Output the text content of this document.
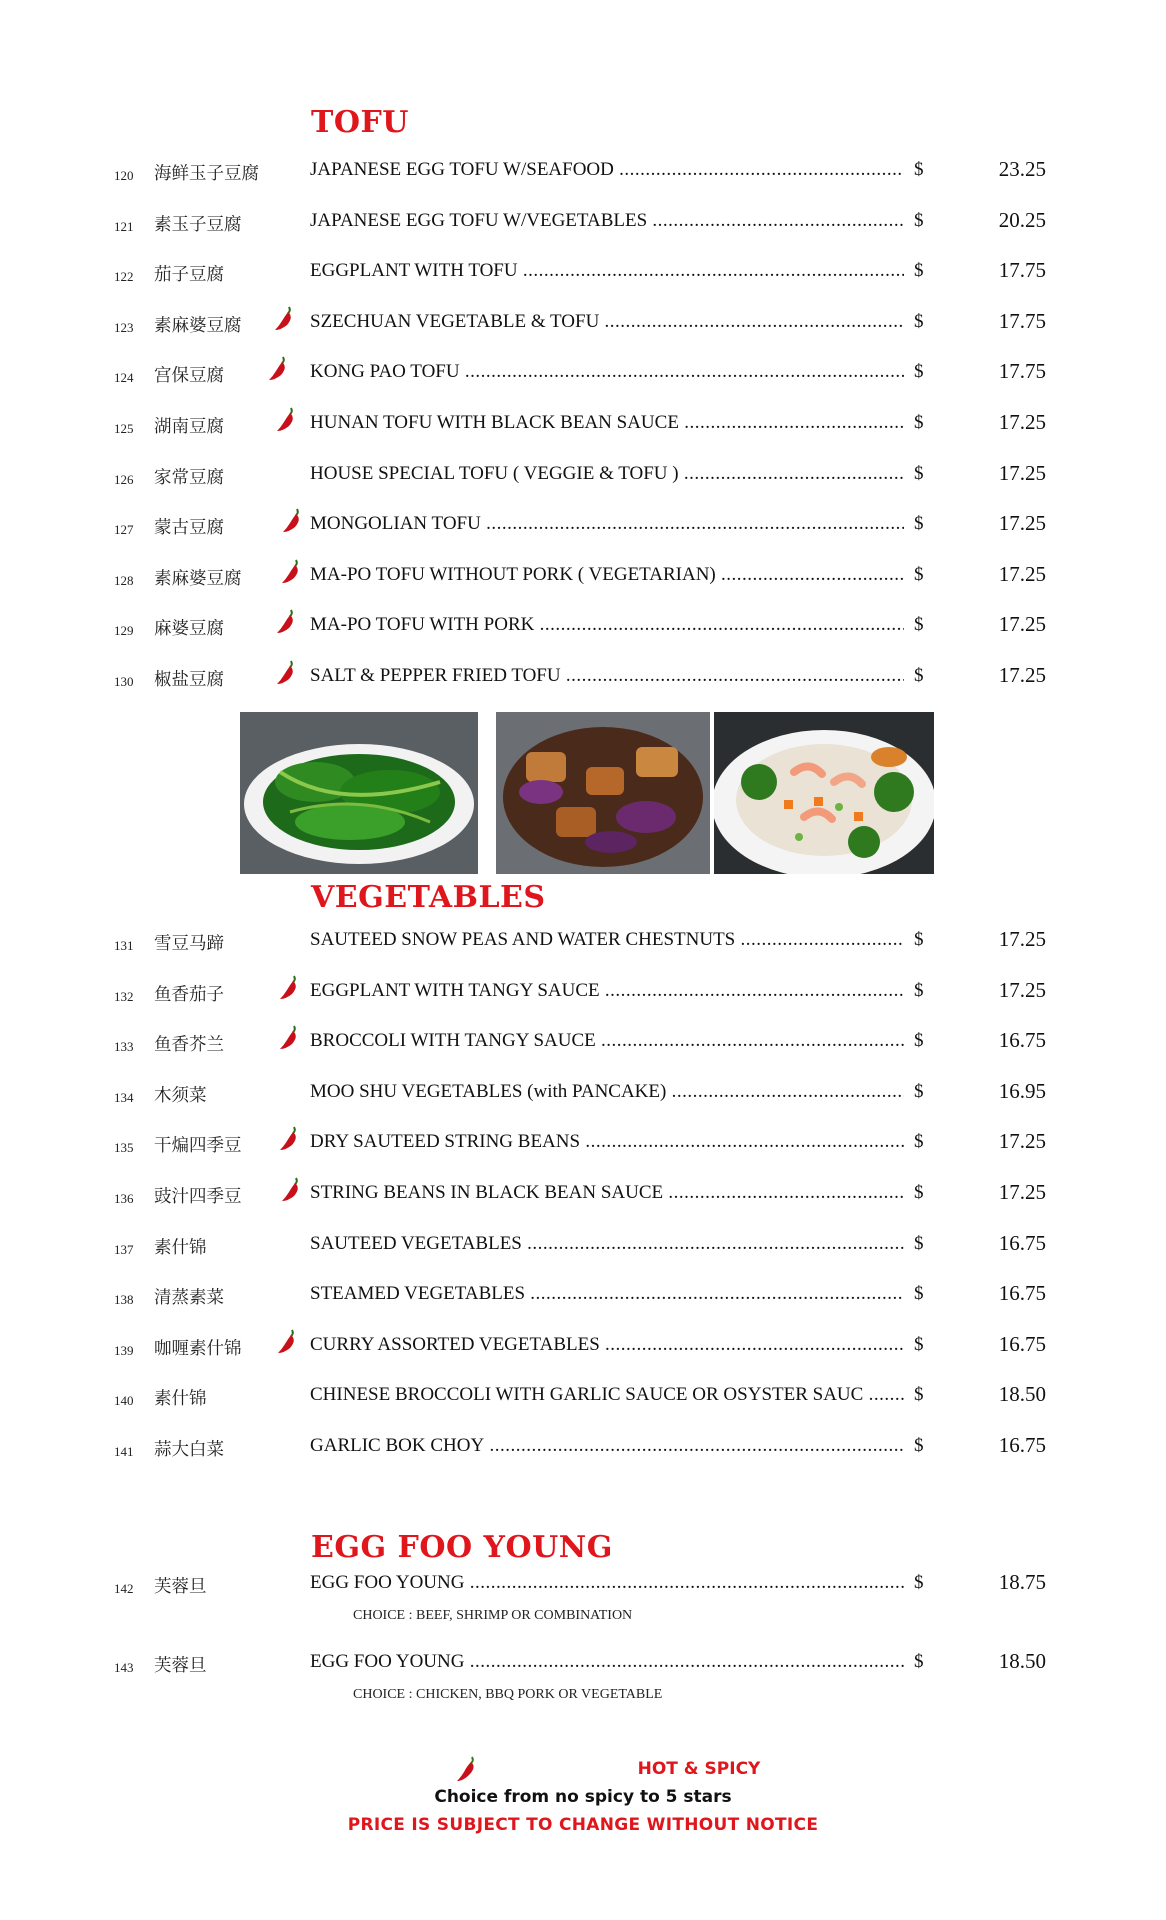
TOFU
VEGETABLES
EGG FOO YOUNG
120 海鲜玉子豆腐	JAPANESE EGG TOFU W/SEAFOOD .....	$	23.25
121 素玉子豆腐	JAPANESE EGG TOFU W/VEGETABLES .....	$	20.25
122 茄子豆腐	EGGPLANT WITH TOFU .....	$	17.75
123 素麻婆豆腐	SZECHUAN VEGETABLE & TOFU .....	$	17.75
124 宫保豆腐	KONG PAO TOFU .....	$	17.75
125 湖南豆腐	HUNAN TOFU WITH BLACK BEAN SAUCE .....	$	17.25
126 家常豆腐	HOUSE SPECIAL TOFU ( VEGGIE & TOFU ) .....	$	17.25
127 蒙古豆腐	MONGOLIAN TOFU .....	$	17.25
128 素麻婆豆腐	MA-PO TOFU WITHOUT PORK ( VEGETARIAN) .....	$	17.25
129 麻婆豆腐	MA-PO TOFU WITH PORK .....	$	17.25
130 椒盐豆腐	SALT & PEPPER FRIED TOFU .....	$	17.25
131 雪豆马蹄	SAUTEED SNOW PEAS AND WATER CHESTNUTS .....	$	17.25
132 鱼香茄子	EGGPLANT WITH TANGY SAUCE .....	$	17.25
133 鱼香芥兰	BROCCOLI WITH TANGY SAUCE .....	$	16.75
134 木须菜	MOO SHU VEGETABLES (with PANCAKE) .....	$	16.95
135 干煸四季豆	DRY SAUTEED STRING BEANS .....	$	17.25
136 豉汁四季豆	STRING BEANS IN BLACK BEAN SAUCE .....	$	17.25
137 素什锦	SAUTEED VEGETABLES .....	$	16.75
138 清蒸素菜	STEAMED VEGETABLES .....	$	16.75
139 咖喱素什锦	CURRY ASSORTED VEGETABLES .....	$	16.75
140 素什锦	CHINESE BROCCOLI WITH GARLIC SAUCE OR OSYSTER SAUC .....	$	18.50
141 蒜大白菜	GARLIC BOK CHOY .....	$	16.75
142 芙蓉旦	EGG FOO YOUNG .....	$	18.75
CHOICE : BEEF, SHRIMP OR COMBINATION
143 芙蓉旦	EGG FOO YOUNG .....	$	18.50
CHOICE : CHICKEN, BBQ PORK OR VEGETABLE
HOT & SPICY
Choice from no spicy to 5 stars
PRICE IS SUBJECT TO CHANGE WITHOUT NOTICE
